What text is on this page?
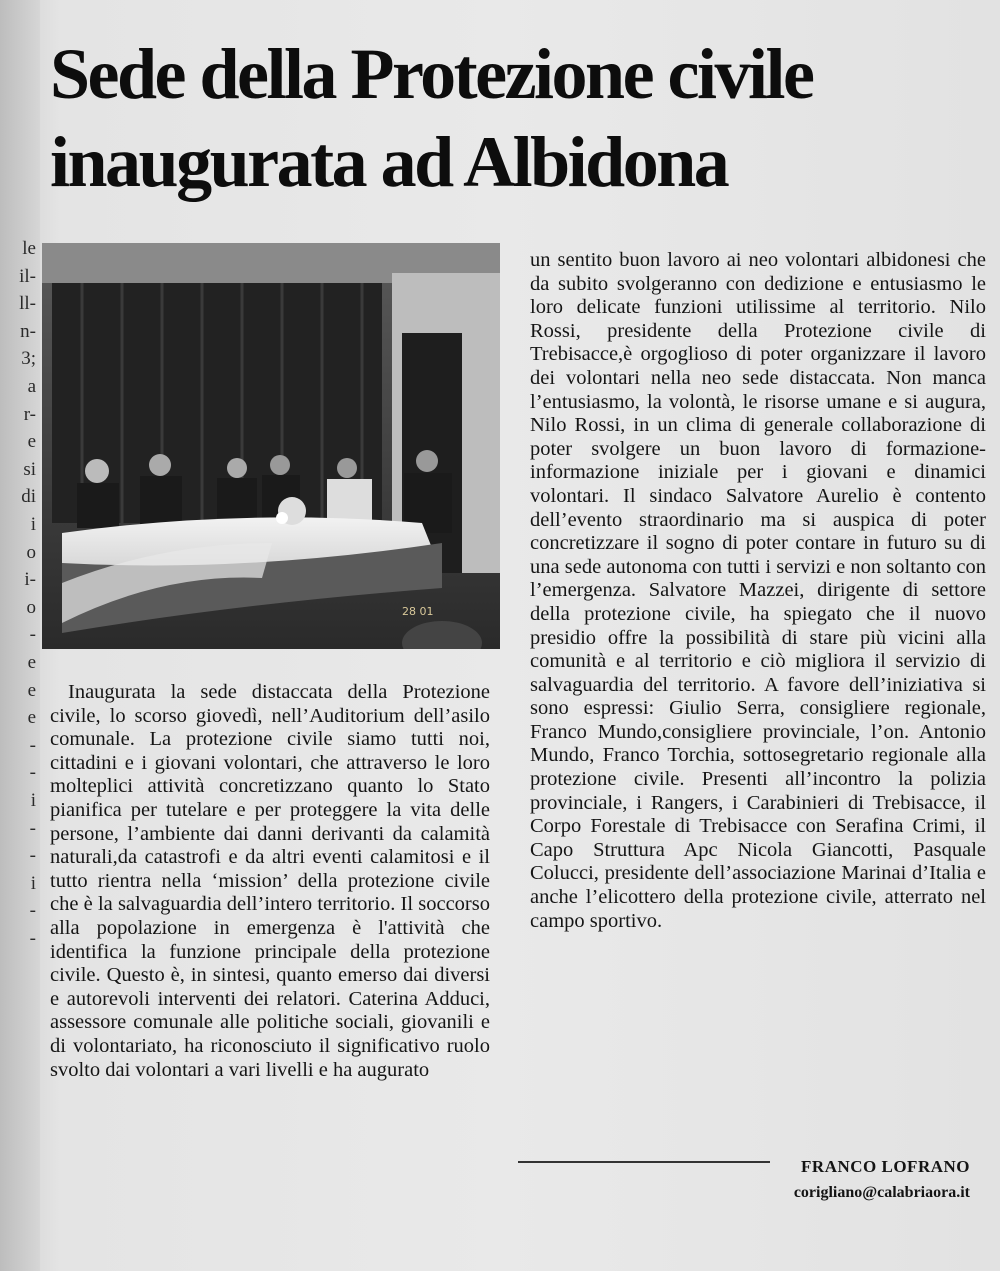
le
il-
ll-
n-
3;
a
r-
e
si
di
i
o
i-
o
-
e
e
e
-
-
i
-
-
i
-
-
Sede della Protezione civile
inaugurata ad Albidona
28 01
Inaugurata la sede distaccata della Protezione civile, lo scorso giovedì, nell’Auditorium dell’asilo comunale. La protezione civile siamo tutti noi, cittadini e i giovani volontari, che attraverso le loro molteplici attività concretizzano quanto lo Stato pianifica per tutelare e per proteggere la vita delle persone, l’ambiente dai danni derivanti da calamità naturali,da catastrofi e da altri eventi calamitosi e il tutto rientra nella ‘mission’ della protezione civile che è la salvaguardia dell’intero territorio. Il soccorso alla popolazione in emergenza è l'attività che identifica la funzione principale della protezione civile. Questo è, in sintesi, quanto emerso dai diversi e autorevoli interventi dei relatori. Caterina Adduci, assessore comunale alle politiche sociali, giovanili e di volontariato, ha riconosciuto il significativo ruolo svolto dai volontari a vari livelli e ha augurato
un sentito buon lavoro ai neo volontari albidonesi che da subito svolgeranno con dedizione e entusiasmo le loro delicate funzioni utilissime al territorio. Nilo Rossi, presidente della Protezione civile di Trebisacce,è orgoglioso di poter organizzare il lavoro dei volontari nella neo sede distaccata. Non manca l’entusiasmo, la volontà, le risorse umane e si augura, Nilo Rossi, in un clima di generale collaborazione di poter svolgere un buon lavoro di formazione-informazione iniziale per i giovani e dinamici volontari. Il sindaco Salvatore Aurelio è contento dell’evento straordinario ma si auspica di poter concretizzare il sogno di poter contare in futuro su di una sede autonoma con tutti i servizi e non soltanto con l’emergenza. Salvatore Mazzei, dirigente di settore della protezione civile, ha spiegato che il nuovo presidio offre la possibilità di stare più vicini alla comunità e al territorio e ciò migliora il servizio di salvaguardia del territorio. A favore dell’iniziativa si sono espressi: Giulio Serra, consigliere regionale, Franco Mundo,consigliere provinciale, l’on. Antonio Mundo, Franco Torchia, sottosegretario regionale alla protezione civile. Presenti all’incontro la polizia provinciale, i Rangers, i Carabinieri di Trebisacce, il Corpo Forestale di Trebisacce con Serafina Crimi, il Capo Struttura Apc Nicola Giancotti, Pasquale Colucci, presidente dell’associazione Marinai d’Italia e anche l’elicottero della protezione civile, atterrato nel campo sportivo.
FRANCO LOFRANO
corigliano@calabriaora.it
